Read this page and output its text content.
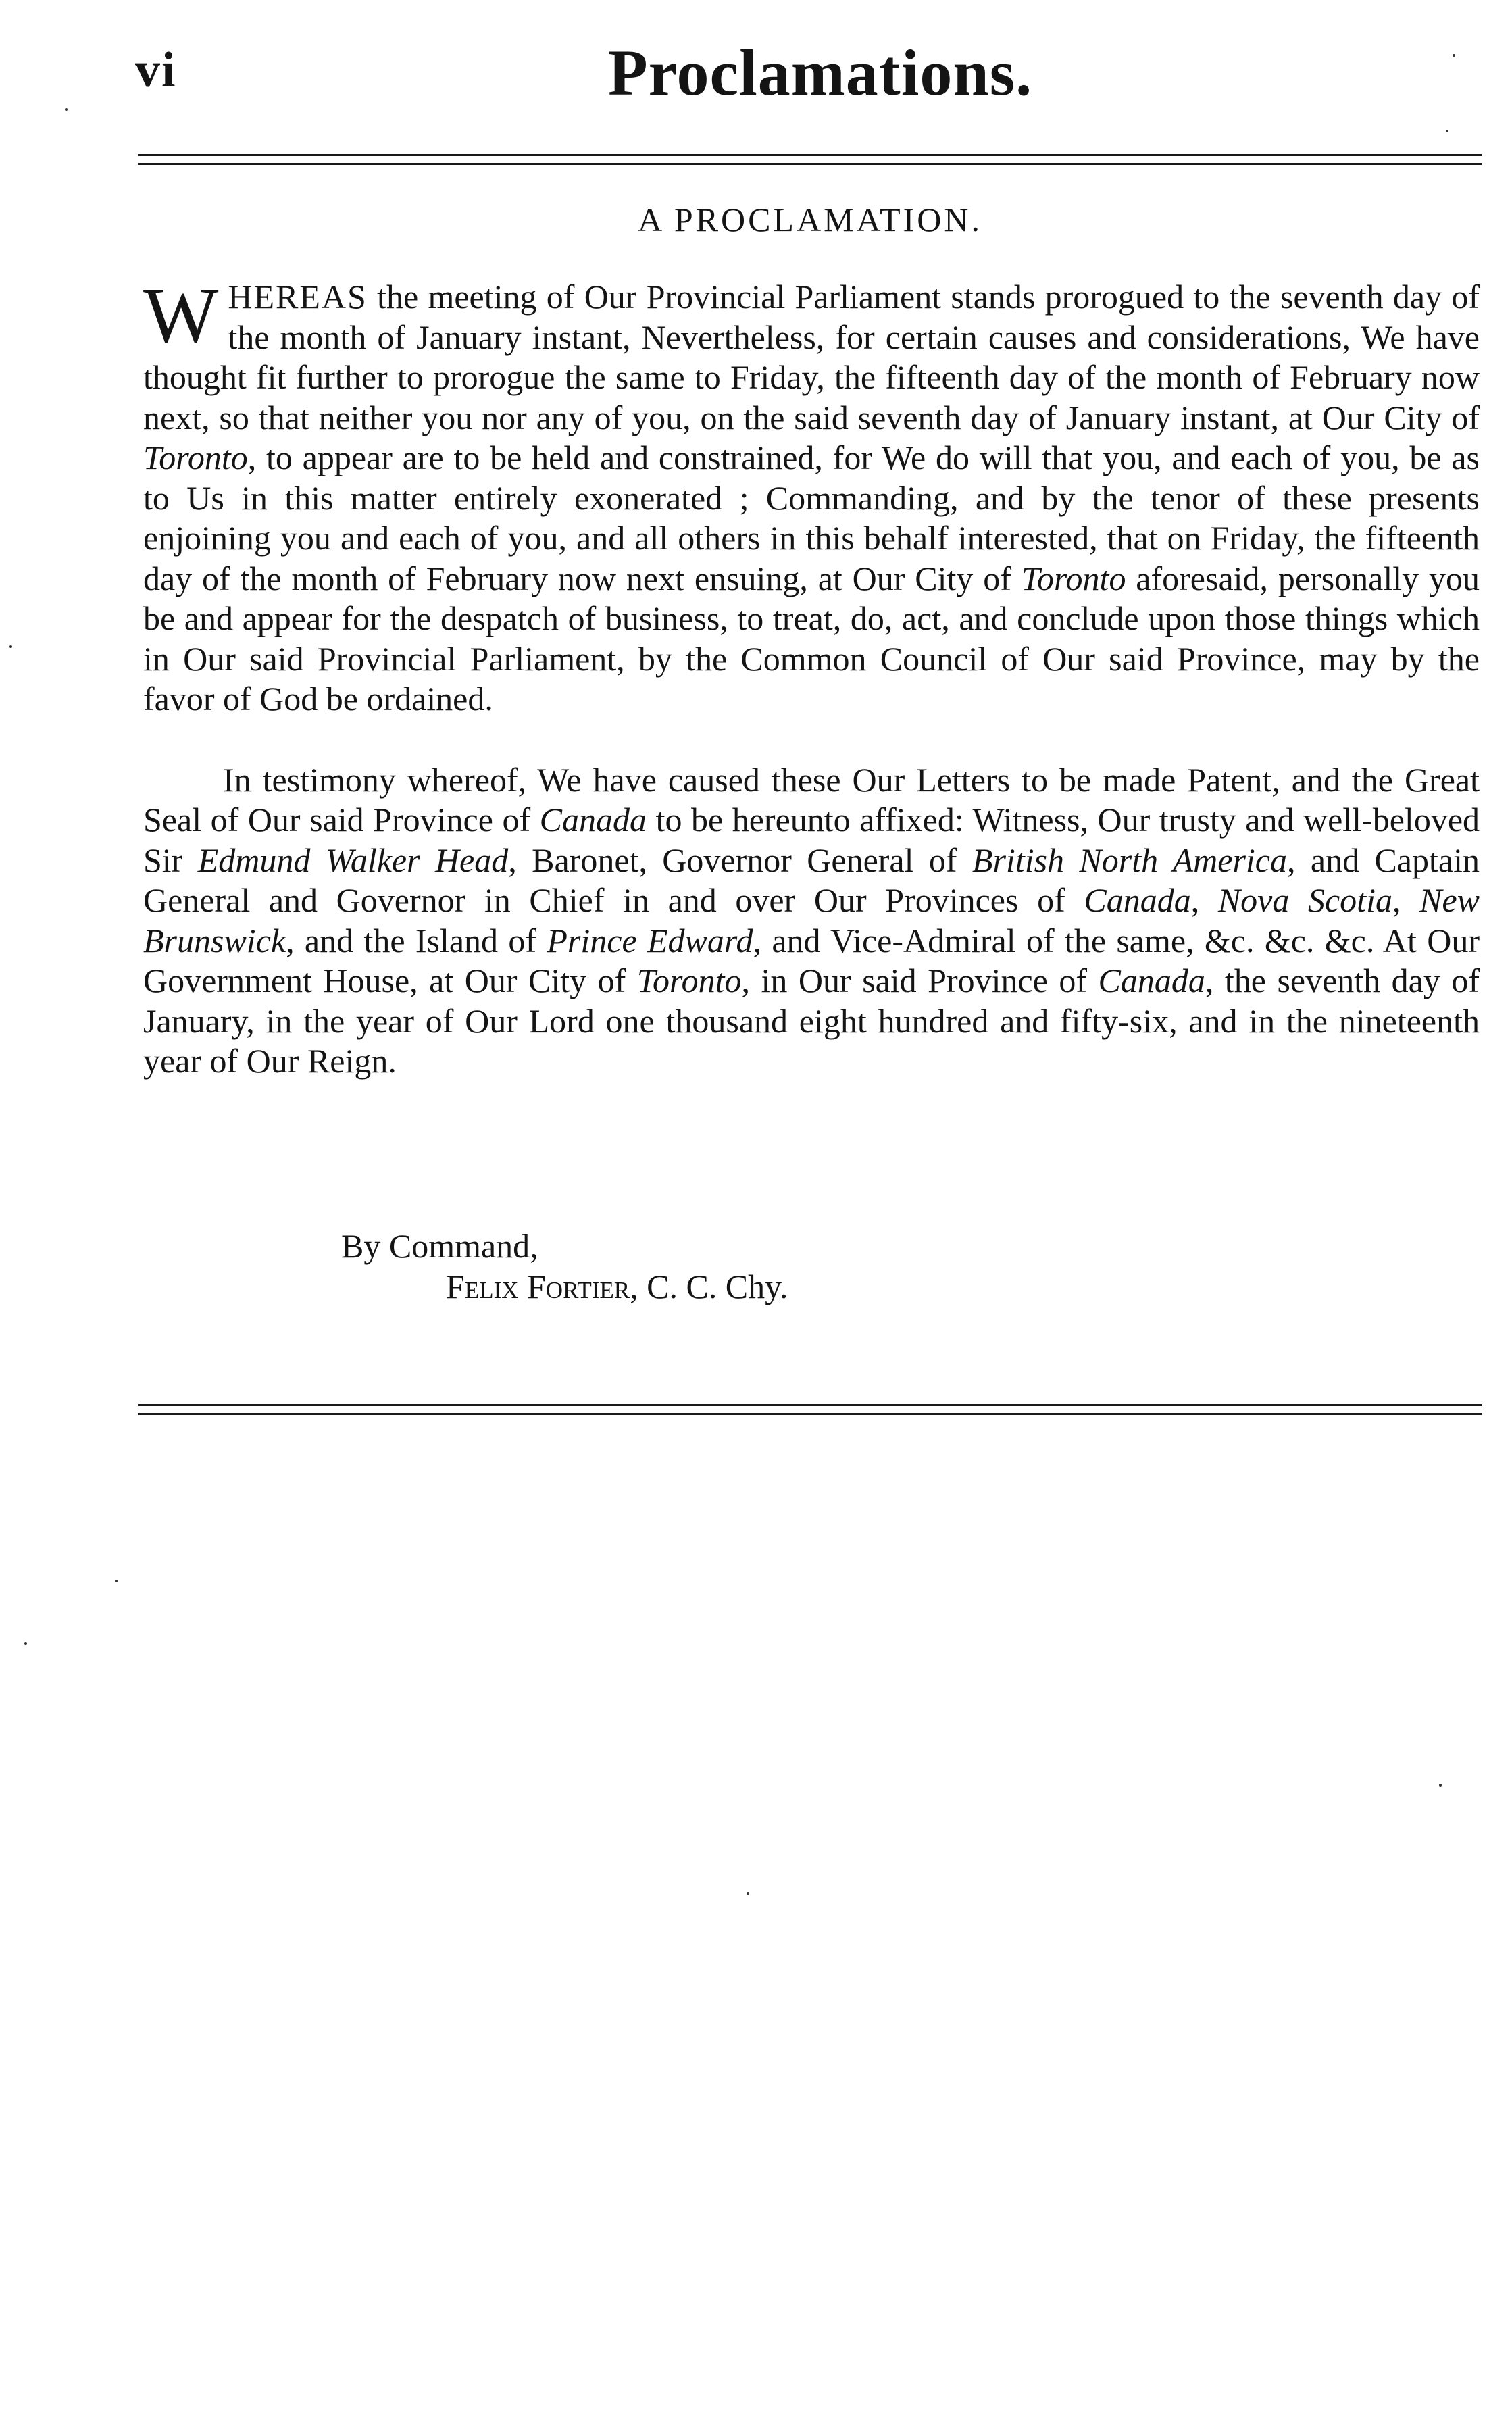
vi	Proclamations.
A PROCLAMATION.

WHEREAS the meeting of Our Provincial Parliament stands prorogued to the seventh day of the month of January instant, Nevertheless, for certain causes and considerations, We have thought fit further to prorogue the same to Friday, the fifteenth day of the month of February now next, so that neither you nor any of you, on the said seventh day of January instant, at Our City of Toronto, to appear are to be held and constrained, for We do will that you, and each of you, be as to Us in this matter entirely exonerated ; Commanding, and by the tenor of these presents enjoining you and each of you, and all others in this behalf interested, that on Friday, the fifteenth day of the month of February now next ensuing, at Our City of Toronto aforesaid, personally you be and appear for the despatch of business, to treat, do, act, and conclude upon those things which in Our said Provincial Parliament, by the Common Council of Our said Province, may by the favor of God be ordained.

In testimony whereof, We have caused these Our Letters to be made Patent, and the Great Seal of Our said Province of Canada to be hereunto affixed: Witness, Our trusty and well-beloved Sir Edmund Walker Head, Baronet, Governor General of British North America, and Captain General and Governor in Chief in and over Our Provinces of Canada, Nova Scotia, New Brunswick, and the Island of Prince Edward, and Vice-Admiral of the same, &c. &c. &c. At Our Government House, at Our City of Toronto, in Our said Province of Canada, the seventh day of January, in the year of Our Lord one thousand eight hundred and fifty-six, and in the nineteenth year of Our Reign.

By Command,
Felix Fortier, C. C. Chy.
